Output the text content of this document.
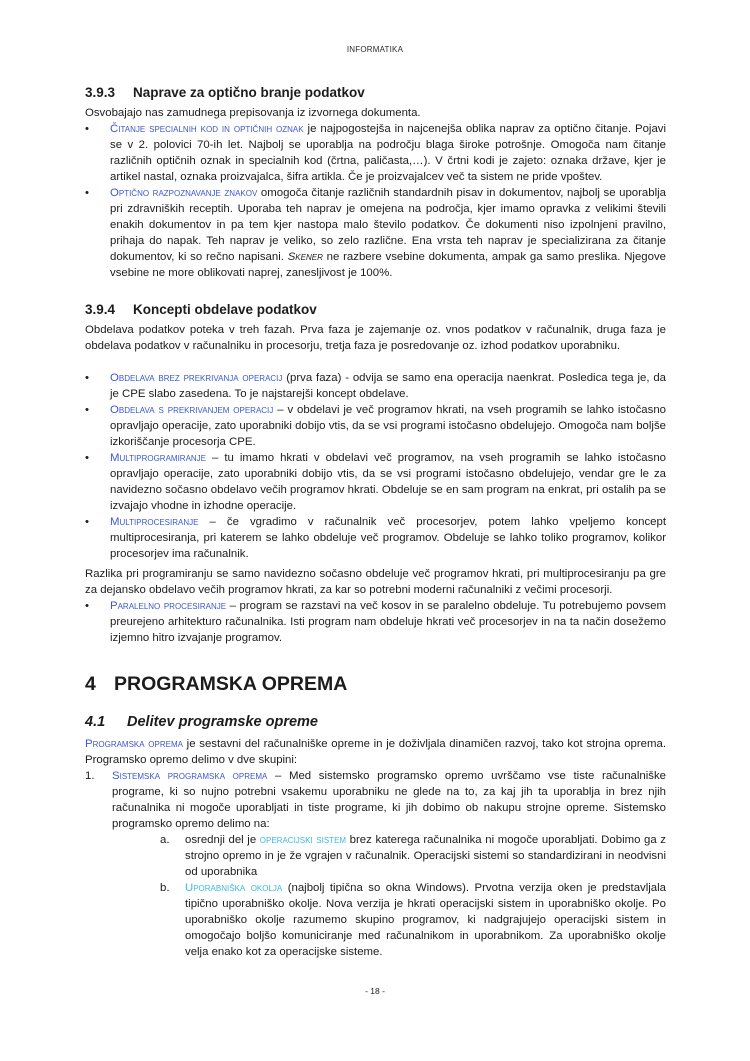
INFORMATIKA
3.9.3	Naprave za optično branje podatkov
Osvobajajo nas zamudnega prepisovanja iz izvornega dokumenta.
•	Čitanje specialnih kod in optičnih oznak je najpogostejša in najcenejša oblika naprav za optično čitanje. Pojavi se v 2. polovici 70-ih let. Najbolj se uporablja na področju blaga široke potrošnje. Omogoča nam čitanje različnih optičnih oznak in specialnih kod (črtna, paličasta,…). V črtni kodi je zajeto: oznaka države, kjer je artikel nastal, oznaka proizvajalca, šifra artikla. Če je proizvajalcev več ta sistem ne pride vpoštev.
•	Optično razpoznavanje znakov omogoča čitanje različnih standardnih pisav in dokumentov, najbolj se uporablja pri zdravniških receptih. Uporaba teh naprav je omejena na področja, kjer imamo opravka z velikimi števili enakih dokumentov in pa tem kjer nastopa malo število podatkov. Če dokumenti niso izpolnjeni pravilno, prihaja do napak. Teh naprav je veliko, so zelo različne. Ena vrsta teh naprav je specializirana za čitanje dokumentov, ki so rečno napisani. Skener ne razbere vsebine dokumenta, ampak ga samo preslika. Njegove vsebine ne more oblikovati naprej, zanesljivost je 100%.
3.9.4	Koncepti obdelave podatkov
Obdelava podatkov poteka v treh fazah. Prva faza je zajemanje oz. vnos podatkov v računalnik, druga faza je obdelava podatkov v računalniku in procesorju, tretja faza je posredovanje oz. izhod podatkov uporabniku.
•	Obdelava brez prekrivanja operacij (prva faza) - odvija se samo ena operacija naenkrat. Posledica tega je, da je CPE slabo zasedena. To je najstarejši koncept obdelave.
•	Obdelava s prekrivanjem operacij – v obdelavi je več programov hkrati, na vseh programih se lahko istočasno opravljajo operacije, zato uporabniki dobijo vtis, da se vsi programi istočasno obdelujejo. Omogoča nam boljše izkoriščanje procesorja CPE.
•	Multiprogramiranje – tu imamo hkrati v obdelavi več programov, na vseh programih se lahko istočasno opravljajo operacije, zato uporabniki dobijo vtis, da se vsi programi istočasno obdelujejo, vendar gre le za navidezno sočasno obdelavo večih programov hkrati. Obdeluje se en sam program na enkrat, pri ostalih pa se izvajajo vhodne in izhodne operacije.
•	Multiprocesiranje – če vgradimo v računalnik več procesorjev, potem lahko vpeljemo koncept multiprocesiranja, pri katerem se lahko obdeluje več programov. Obdeluje se lahko toliko programov, kolikor procesorjev ima računalnik.
Razlika pri programiranju se samo navidezno sočasno obdeluje več programov hkrati, pri multiprocesiranju pa gre za dejansko obdelavo večih programov hkrati, za kar so potrebni moderni računalniki z večimi procesorji.
•	Paralelno procesiranje – program se razstavi na več kosov in se paralelno obdeluje. Tu potrebujemo povsem preurejeno arhitekturo računalnika. Isti program nam obdeluje hkrati več procesorjev in na ta način dosežemo izjemno hitro izvajanje programov.
4 PROGRAMSKA OPREMA
4.1	Delitev programske opreme
Programska oprema je sestavni del računalniške opreme in je doživljala dinamičen razvoj, tako kot strojna oprema. Programsko opremo delimo v dve skupini:
1.	Sistemska programska oprema – Med sistemsko programsko opremo uvrščamo vse tiste računalniške programe, ki so nujno potrebni vsakemu uporabniku ne glede na to, za kaj jih ta uporablja in brez njih računalnika ni mogoče uporabljati in tiste programe, ki jih dobimo ob nakupu strojne opreme. Sistemsko programsko opremo delimo na:
a.	osrednji del je operacijski sistem brez katerega računalnika ni mogoče uporabljati. Dobimo ga z strojno opremo in je že vgrajen v računalnik. Operacijski sistemi so standardizirani in neodvisni od uporabnika
b.	Uporabniška okolja (najbolj tipična so okna Windows). Prvotna verzija oken je predstavljala tipično uporabniško okolje. Nova verzija je hkrati operacijski sistem in uporabniško okolje. Po uporabniško okolje razumemo skupino programov, ki nadgrajujejo operacijski sistem in omogočajo boljšo komuniciranje med računalnikom in uporabnikom. Za uporabniško okolje velja enako kot za operacijske sisteme.
- 18 -
